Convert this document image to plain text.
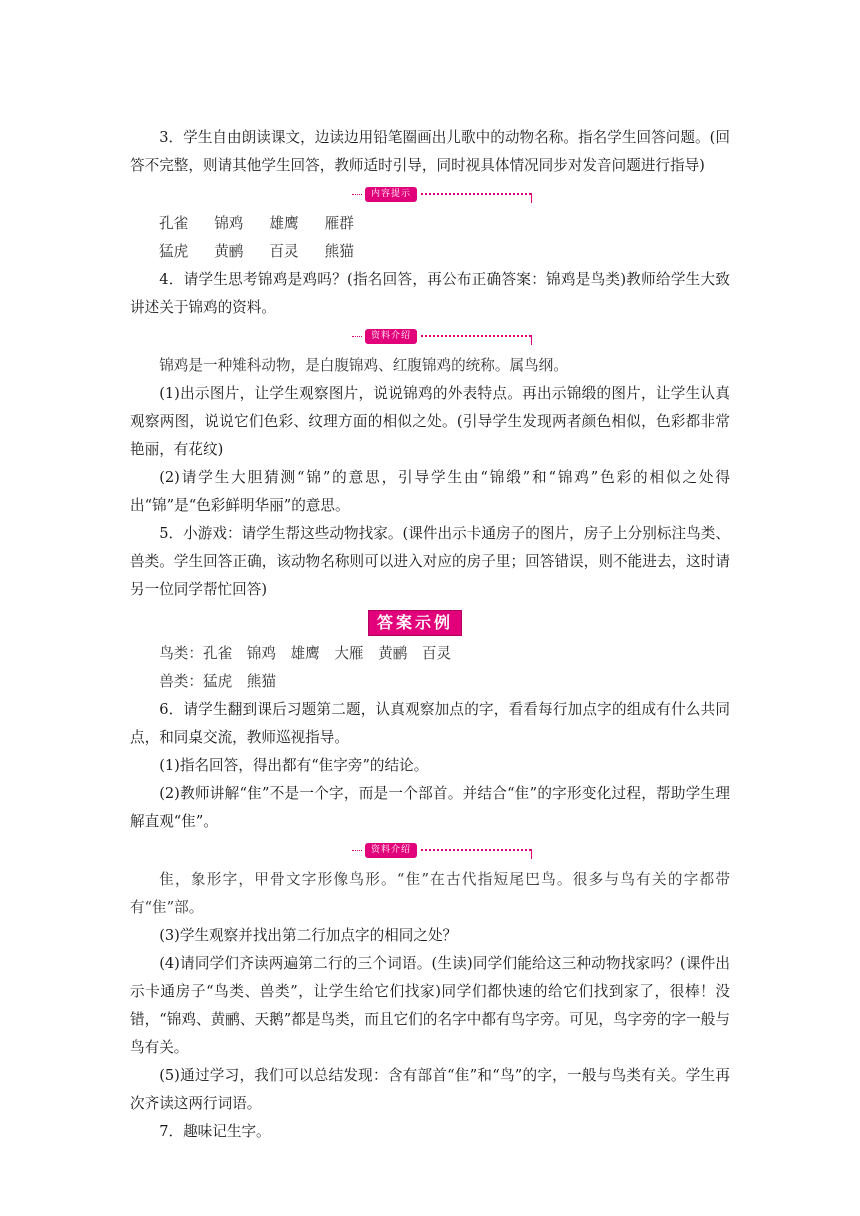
3．学生自由朗读课文，边读边用铅笔圈画出儿歌中的动物名称。指名学生回答问题。(回答不完整，则请其他学生回答，教师适时引导，同时视具体情况同步对发音问题进行指导)

内容提示
孔雀 锦鸡 雄鹰 雁群
猛虎 黄鹂 百灵 熊猫

4．请学生思考锦鸡是鸡吗？(指名回答，再公布正确答案：锦鸡是鸟类)教师给学生大致讲述关于锦鸡的资料。

资料介绍

锦鸡是一种雉科动物，是白腹锦鸡、红腹锦鸡的统称。属鸟纲。

(1)出示图片，让学生观察图片，说说锦鸡的外表特点。再出示锦缎的图片，让学生认真观察两图，说说它们色彩、纹理方面的相似之处。(引导学生发现两者颜色相似，色彩都非常艳丽，有花纹)

(2)请学生大胆猜测“锦”的意思，引导学生由“锦缎”和“锦鸡”色彩的相似之处得出“锦”是“色彩鲜明华丽”的意思。

5．小游戏：请学生帮这些动物找家。(课件出示卡通房子的图片，房子上分别标注鸟类、兽类。学生回答正确，该动物名称则可以进入对应的房子里；回答错误，则不能进去，这时请另一位同学帮忙回答)

答案示例

鸟类：孔雀　锦鸡　雄鹰　大雁　黄鹂　百灵

兽类：猛虎　熊猫

6．请学生翻到课后习题第二题，认真观察加点的字，看看每行加点字的组成有什么共同点，和同桌交流，教师巡视指导。

(1)指名回答，得出都有“隹字旁”的结论。

(2)教师讲解“隹”不是一个字，而是一个部首。并结合“隹”的字形变化过程，帮助学生理解直观“隹”。

资料介绍

隹，象形字，甲骨文字形像鸟形。“隹”在古代指短尾巴鸟。很多与鸟有关的字都带有“隹”部。

(3)学生观察并找出第二行加点字的相同之处？

(4)请同学们齐读两遍第二行的三个词语。(生读)同学们能给这三种动物找家吗？(课件出示卡通房子“鸟类、兽类”，让学生给它们找家)同学们都快速的给它们找到家了，很棒！没错，“锦鸡、黄鹂、天鹅”都是鸟类，而且它们的名字中都有鸟字旁。可见，鸟字旁的字一般与鸟有关。

(5)通过学习，我们可以总结发现：含有部首“隹”和“鸟”的字，一般与鸟类有关。学生再次齐读这两行词语。

7．趣味记生字。
